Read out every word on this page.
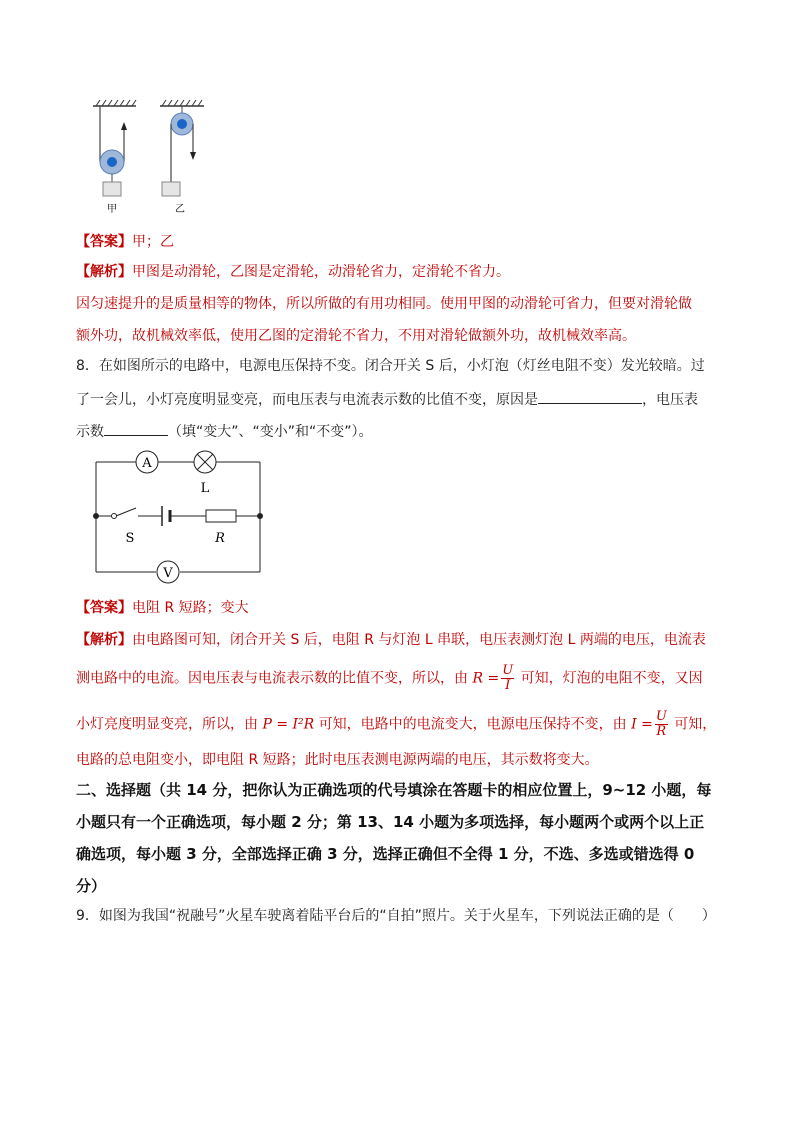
甲	乙
【答案】甲；乙
【解析】甲图是动滑轮，乙图是定滑轮，动滑轮省力，定滑轮不省力。
因匀速提升的是质量相等的物体，所以所做的有用功相同。使用甲图的动滑轮可省力，但要对滑轮做
额外功，故机械效率低，使用乙图的定滑轮不省力，不用对滑轮做额外功，故机械效率高。
8．在如图所示的电路中，电源电压保持不变。闭合开关 S 后，小灯泡（灯丝电阻不变）发光较暗。过
了一会儿，小灯亮度明显变亮，而电压表与电流表示数的比值不变，原因是	，电压表
示数	（填“变大”、“变小”和“不变”）。
A
L
V
S	R
【答案】电阻 R 短路；变大
【解析】由电路图可知，闭合开关 S 后，电阻 R 与灯泡 L 串联，电压表测灯泡 L 两端的电压，电流表
测电路中的电流。因电压表与电流表示数的比值不变，所以，由 $R = \frac{U}{I}$ 可知，灯泡的电阻不变，又因
小灯亮度明显变亮，所以，由 P = I²R 可知，电路中的电流变大，电源电压保持不变，由 $I = \frac{U}{R}$ 可知，
电路的总电阻变小，即电阻 R 短路；此时电压表测电源两端的电压，其示数将变大。
二、选择题（共 14 分，把你认为正确选项的代号填涂在答题卡的相应位置上，9~12 小题，每
小题只有一个正确选项，每小题 2 分；第 13、14 小题为多项选择，每小题两个或两个以上正
确选项，每小题 3 分，全部选择正确 3 分，选择正确但不全得 1 分，不选、多选或错选得 0
分）
9．如图为我国“祝融号”火星车驶离着陆平台后的“自拍”照片。关于火星车，下列说法正确的是（　　）
